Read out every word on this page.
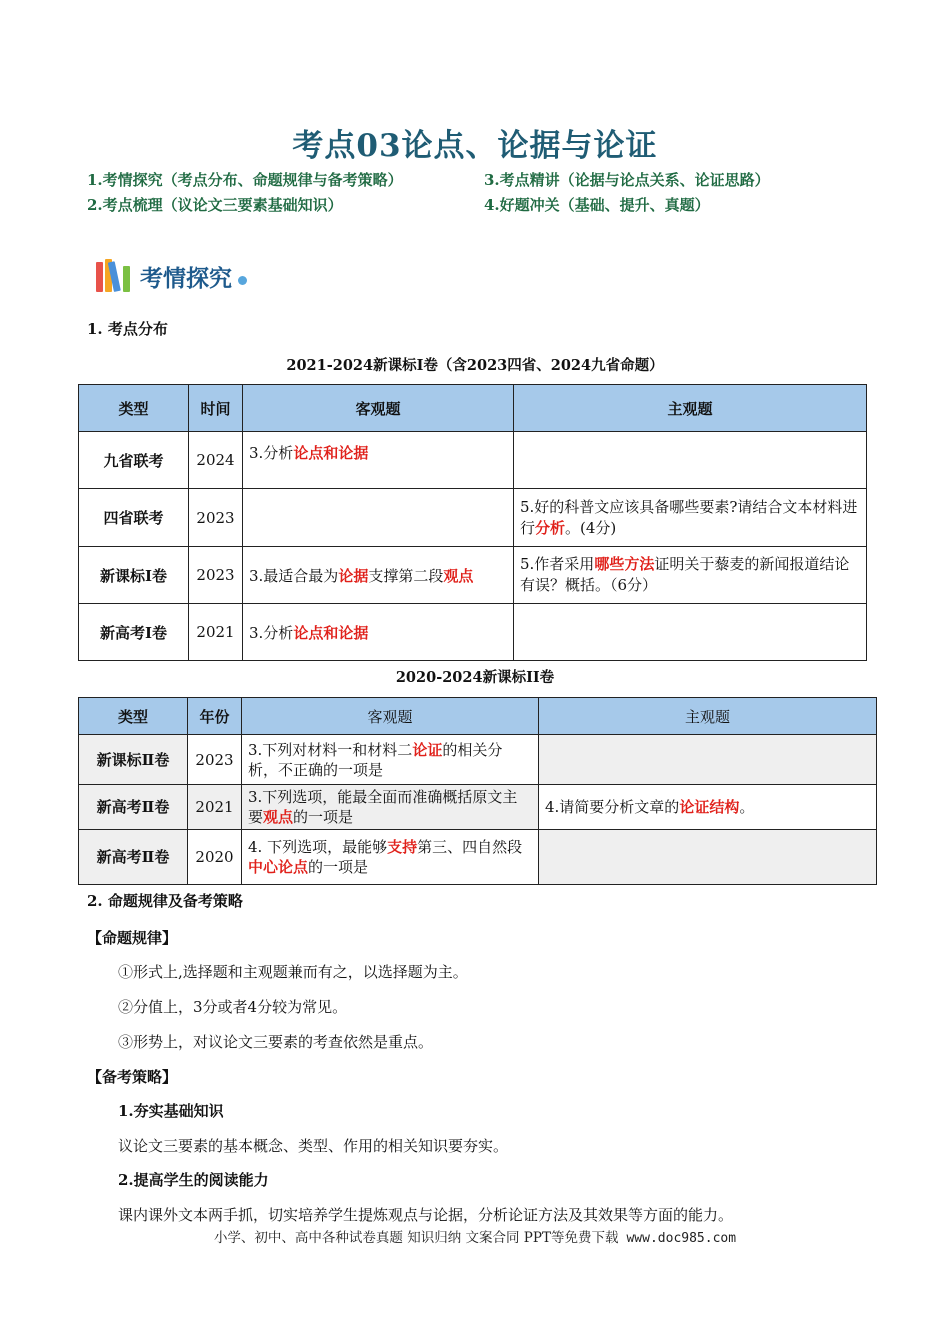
考点03论点、论据与论证
1.考情探究（考点分布、命题规律与备考策略）	3.考点精讲（论据与论点关系、论证思路）
2.考点梳理（议论文三要素基础知识）	4.好题冲关（基础、提升、真题）
考情探究
1. 考点分布
2021-2024新课标Ⅰ卷（含2023四省、2024九省命题）
类型	时间	客观题	主观题
九省联考	2024	3.分析论点和论据	
四省联考	2023		5.好的科普文应该具备哪些要素?请结合文本材料进行分析。(4分)
新课标Ⅰ卷	2023	3.最适合最为论据支撑第二段观点	5.作者采用哪些方法证明关于藜麦的新闻报道结论有误？概括。（6分）
新高考Ⅰ卷	2021	3.分析论点和论据	
2020-2024新课标II卷
类型	年份	客观题	主观题
新课标Ⅱ卷	2023	3.下列对材料一和材料二论证的相关分析，不正确的一项是	
新高考Ⅱ卷	2021	3.下列选项，能最全面而准确概括原文主要观点的一项是	4.请简要分析文章的论证结构。
新高考Ⅱ卷	2020	4. 下列选项，最能够支持第三、四自然段中心论点的一项是	
2. 命题规律及备考策略
【命题规律】
①形式上,选择题和主观题兼而有之，以选择题为主。
②分值上，3分或者4分较为常见。
③形势上，对议论文三要素的考查依然是重点。
【备考策略】
1.夯实基础知识
议论文三要素的基本概念、类型、作用的相关知识要夯实。
2.提高学生的阅读能力
课内课外文本两手抓，切实培养学生提炼观点与论据，分析论证方法及其效果等方面的能力。
小学、初中、高中各种试卷真题 知识归纳 文案合同 PPT等免费下载 www.doc985.com
